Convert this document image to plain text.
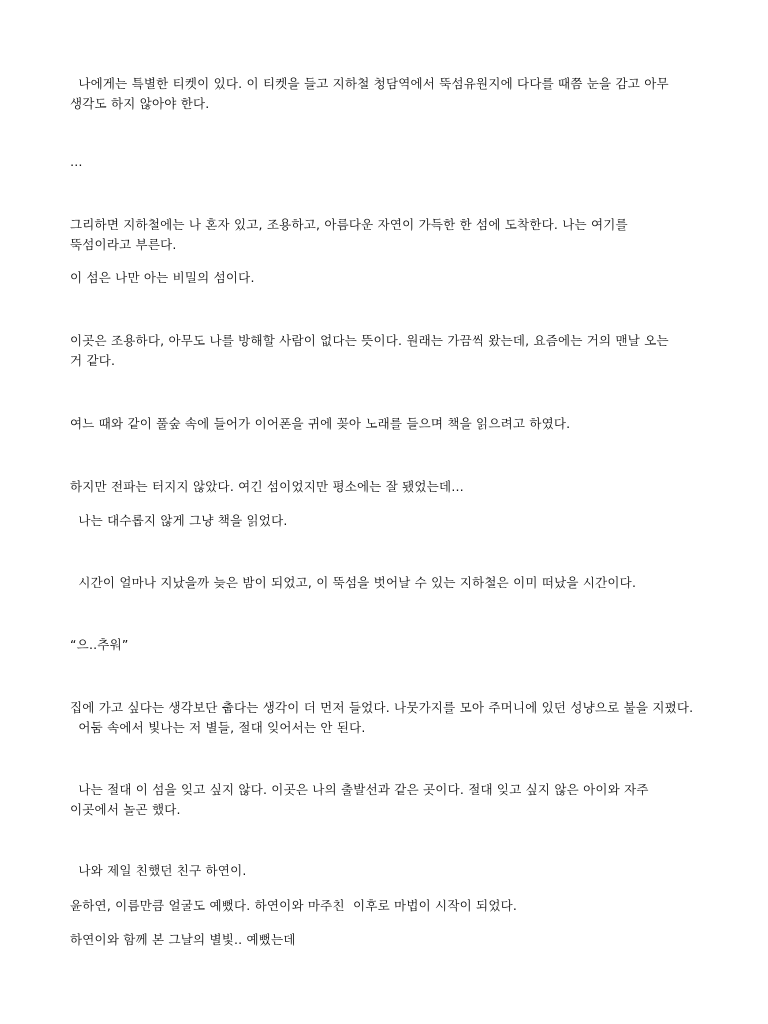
나에게는 특별한 티켓이 있다. 이 티켓을 들고 지하철 청담역에서 뚝섬유원지에 다다를 때쯤 눈을 감고 아무

생각도 하지 않아야 한다.

…

그리하면 지하철에는 나 혼자 있고, 조용하고, 아름다운 자연이 가득한 한 섬에 도착한다. 나는 여기를

뚝섬이라고 부른다.

이 섬은 나만 아는 비밀의 섬이다.

이곳은 조용하다, 아무도 나를 방해할 사람이 없다는 뜻이다. 원래는 가끔씩 왔는데, 요즘에는 거의 맨날 오는

거 같다.

여느 때와 같이 풀숲 속에 들어가 이어폰을 귀에 꽂아 노래를 들으며 책을 읽으려고 하였다.

하지만 전파는 터지지 않았다. 여긴 섬이었지만 평소에는 잘 됐었는데…

나는 대수롭지 않게 그냥 책을 읽었다.

시간이 얼마나 지났을까 늦은 밤이 되었고, 이 뚝섬을 벗어날 수 있는 지하철은 이미 떠났을 시간이다.

“으..추워”

집에 가고 싶다는 생각보단 춥다는 생각이 더 먼저 들었다. 나뭇가지를 모아 주머니에 있던 성냥으로 불을 지폈다.

어둠 속에서 빛나는 저 별들, 절대 잊어서는 안 된다.

나는 절대 이 섬을 잊고 싶지 않다. 이곳은 나의 출발선과 같은 곳이다. 절대 잊고 싶지 않은 아이와 자주

이곳에서 놀곤 했다.

나와 제일 친했던 친구 하연이.

윤하연, 이름만큼 얼굴도 예뻤다. 하연이와 마주친  이후로 마법이 시작이 되었다.

하연이와 함께 본 그날의 별빛.. 예뻤는데
